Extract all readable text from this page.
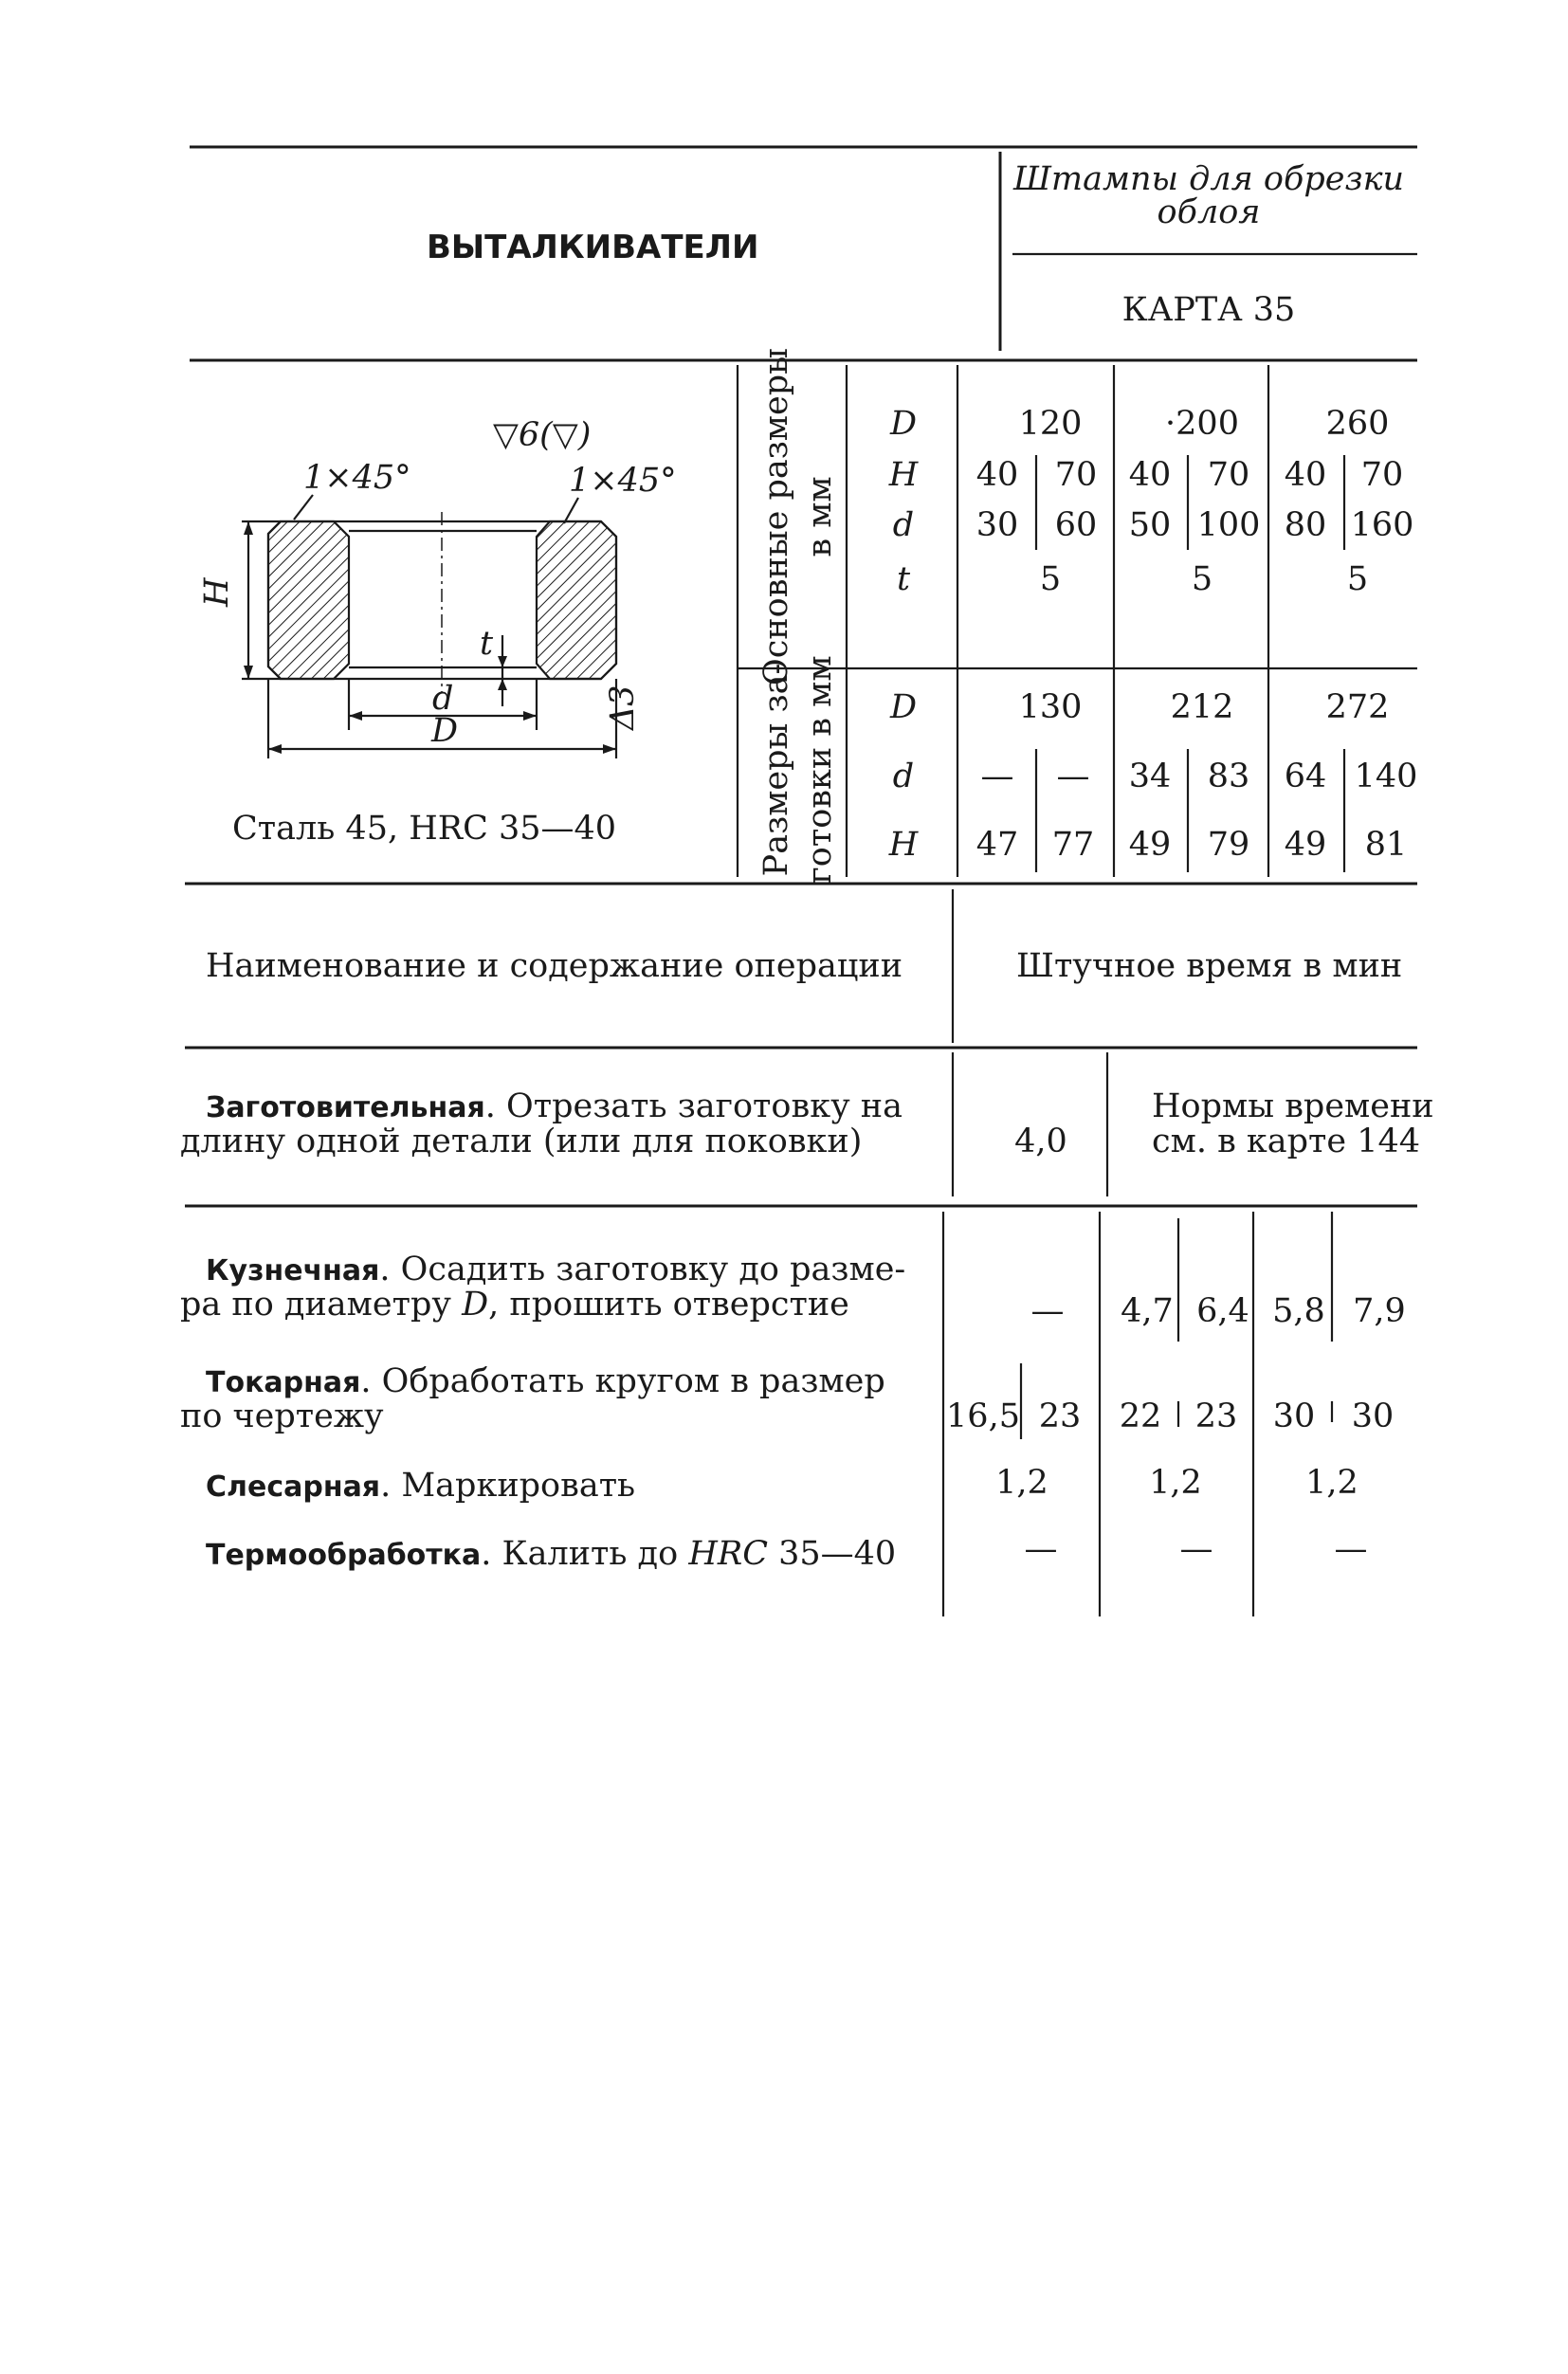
ВЫТАЛКИВАТЕЛИ
Штампы для обрезки
облоя
КАРТА 35
▽6(▽)
1×45°	1×45°
H
t
d
D
Δ3
Сталь 45, HRC 35—40
Основные размеры в мм
Размеры за- готовки в мм
D	120	·200	260
H 40 70 40 70 40 70
d 30 60 50 100 80 160
t	5	5	5
D	130	212	272
d — — 34 83 64 140
H 47 77 49 79 49 81
Наименование и содержание операции	Штучное время в мин
Заготовительная. Отрезать заготовку на
длину одной детали (или для поковки)	4,0
Нормы времени
см. в карте 144
Кузнечная. Осадить заготовку до разме-
ра по диаметру D, прошить отверстие	— 4,7 6,4 5,8 7,9
Токарная. Обработать кругом в размер
по чертежу	16,5 23 22 23 30 30
Слесарная. Маркировать	1,2	1,2	1,2
Термообработка. Калить до HRC 35—40	—	—	—
